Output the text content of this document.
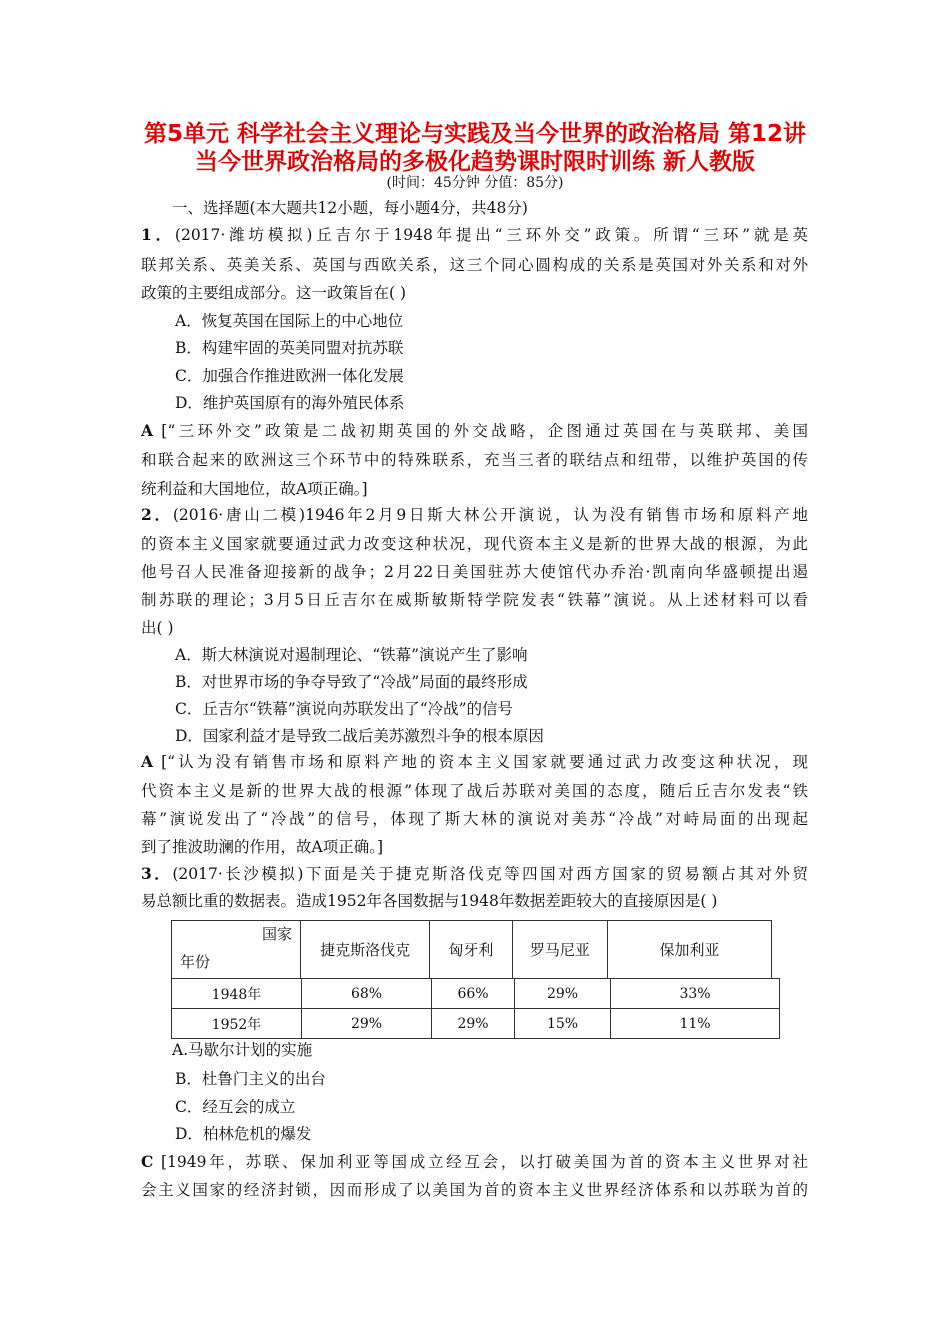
第5单元 科学社会主义理论与实践及当今世界的政治格局 第12讲
当今世界政治格局的多极化趋势课时限时训练 新人教版
(时间：45分钟 分值：85分)
一、选择题(本大题共12小题，每小题4分，共48分)
1．(2017·潍坊模拟)丘吉尔于1948年提出“三环外交”政策。所谓“三环”就是英
联邦关系、英美关系、英国与西欧关系，这三个同心圆构成的关系是英国对外关系和对外
政策的主要组成部分。这一政策旨在( )
A．恢复英国在国际上的中心地位
B．构建牢固的英美同盟对抗苏联
C．加强合作推进欧洲一体化发展
D．维护英国原有的海外殖民体系
A [“三环外交”政策是二战初期英国的外交战略，企图通过英国在与英联邦、美国
和联合起来的欧洲这三个环节中的特殊联系，充当三者的联结点和纽带，以维护英国的传
统利益和大国地位，故A项正确。]
2．(2016·唐山二模)1946年2月9日斯大林公开演说，认为没有销售市场和原料产地
的资本主义国家就要通过武力改变这种状况，现代资本主义是新的世界大战的根源，为此
他号召人民准备迎接新的战争；2月22日美国驻苏大使馆代办乔治·凯南向华盛顿提出遏
制苏联的理论；3月5日丘吉尔在威斯敏斯特学院发表“铁幕”演说。从上述材料可以看
出( )
A．斯大林演说对遏制理论、“铁幕”演说产生了影响
B．对世界市场的争夺导致了“冷战”局面的最终形成
C．丘吉尔“铁幕”演说向苏联发出了“冷战”的信号
D．国家利益才是导致二战后美苏激烈斗争的根本原因
A [“认为没有销售市场和原料产地的资本主义国家就要通过武力改变这种状况，现
代资本主义是新的世界大战的根源”体现了战后苏联对美国的态度，随后丘吉尔发表“铁
幕”演说发出了“冷战”的信号，体现了斯大林的演说对美苏“冷战”对峙局面的出现起
到了推波助澜的作用，故A项正确。]
3．(2017·长沙模拟)下面是关于捷克斯洛伐克等四国对西方国家的贸易额占其对外贸
易总额比重的数据表。造成1952年各国数据与1948年数据差距较大的直接原因是( )
国家
年份
	捷克斯洛伐克	匈牙利	罗马尼亚	保加利亚
1948年	68%	66%	29%	33%
1952年	29%	29%	15%	11%
A.马歇尔计划的实施
B．杜鲁门主义的出台
C．经互会的成立
D．柏林危机的爆发
C [1949年，苏联、保加利亚等国成立经互会，以打破美国为首的资本主义世界对社
会主义国家的经济封锁，因而形成了以美国为首的资本主义世界经济体系和以苏联为首的
